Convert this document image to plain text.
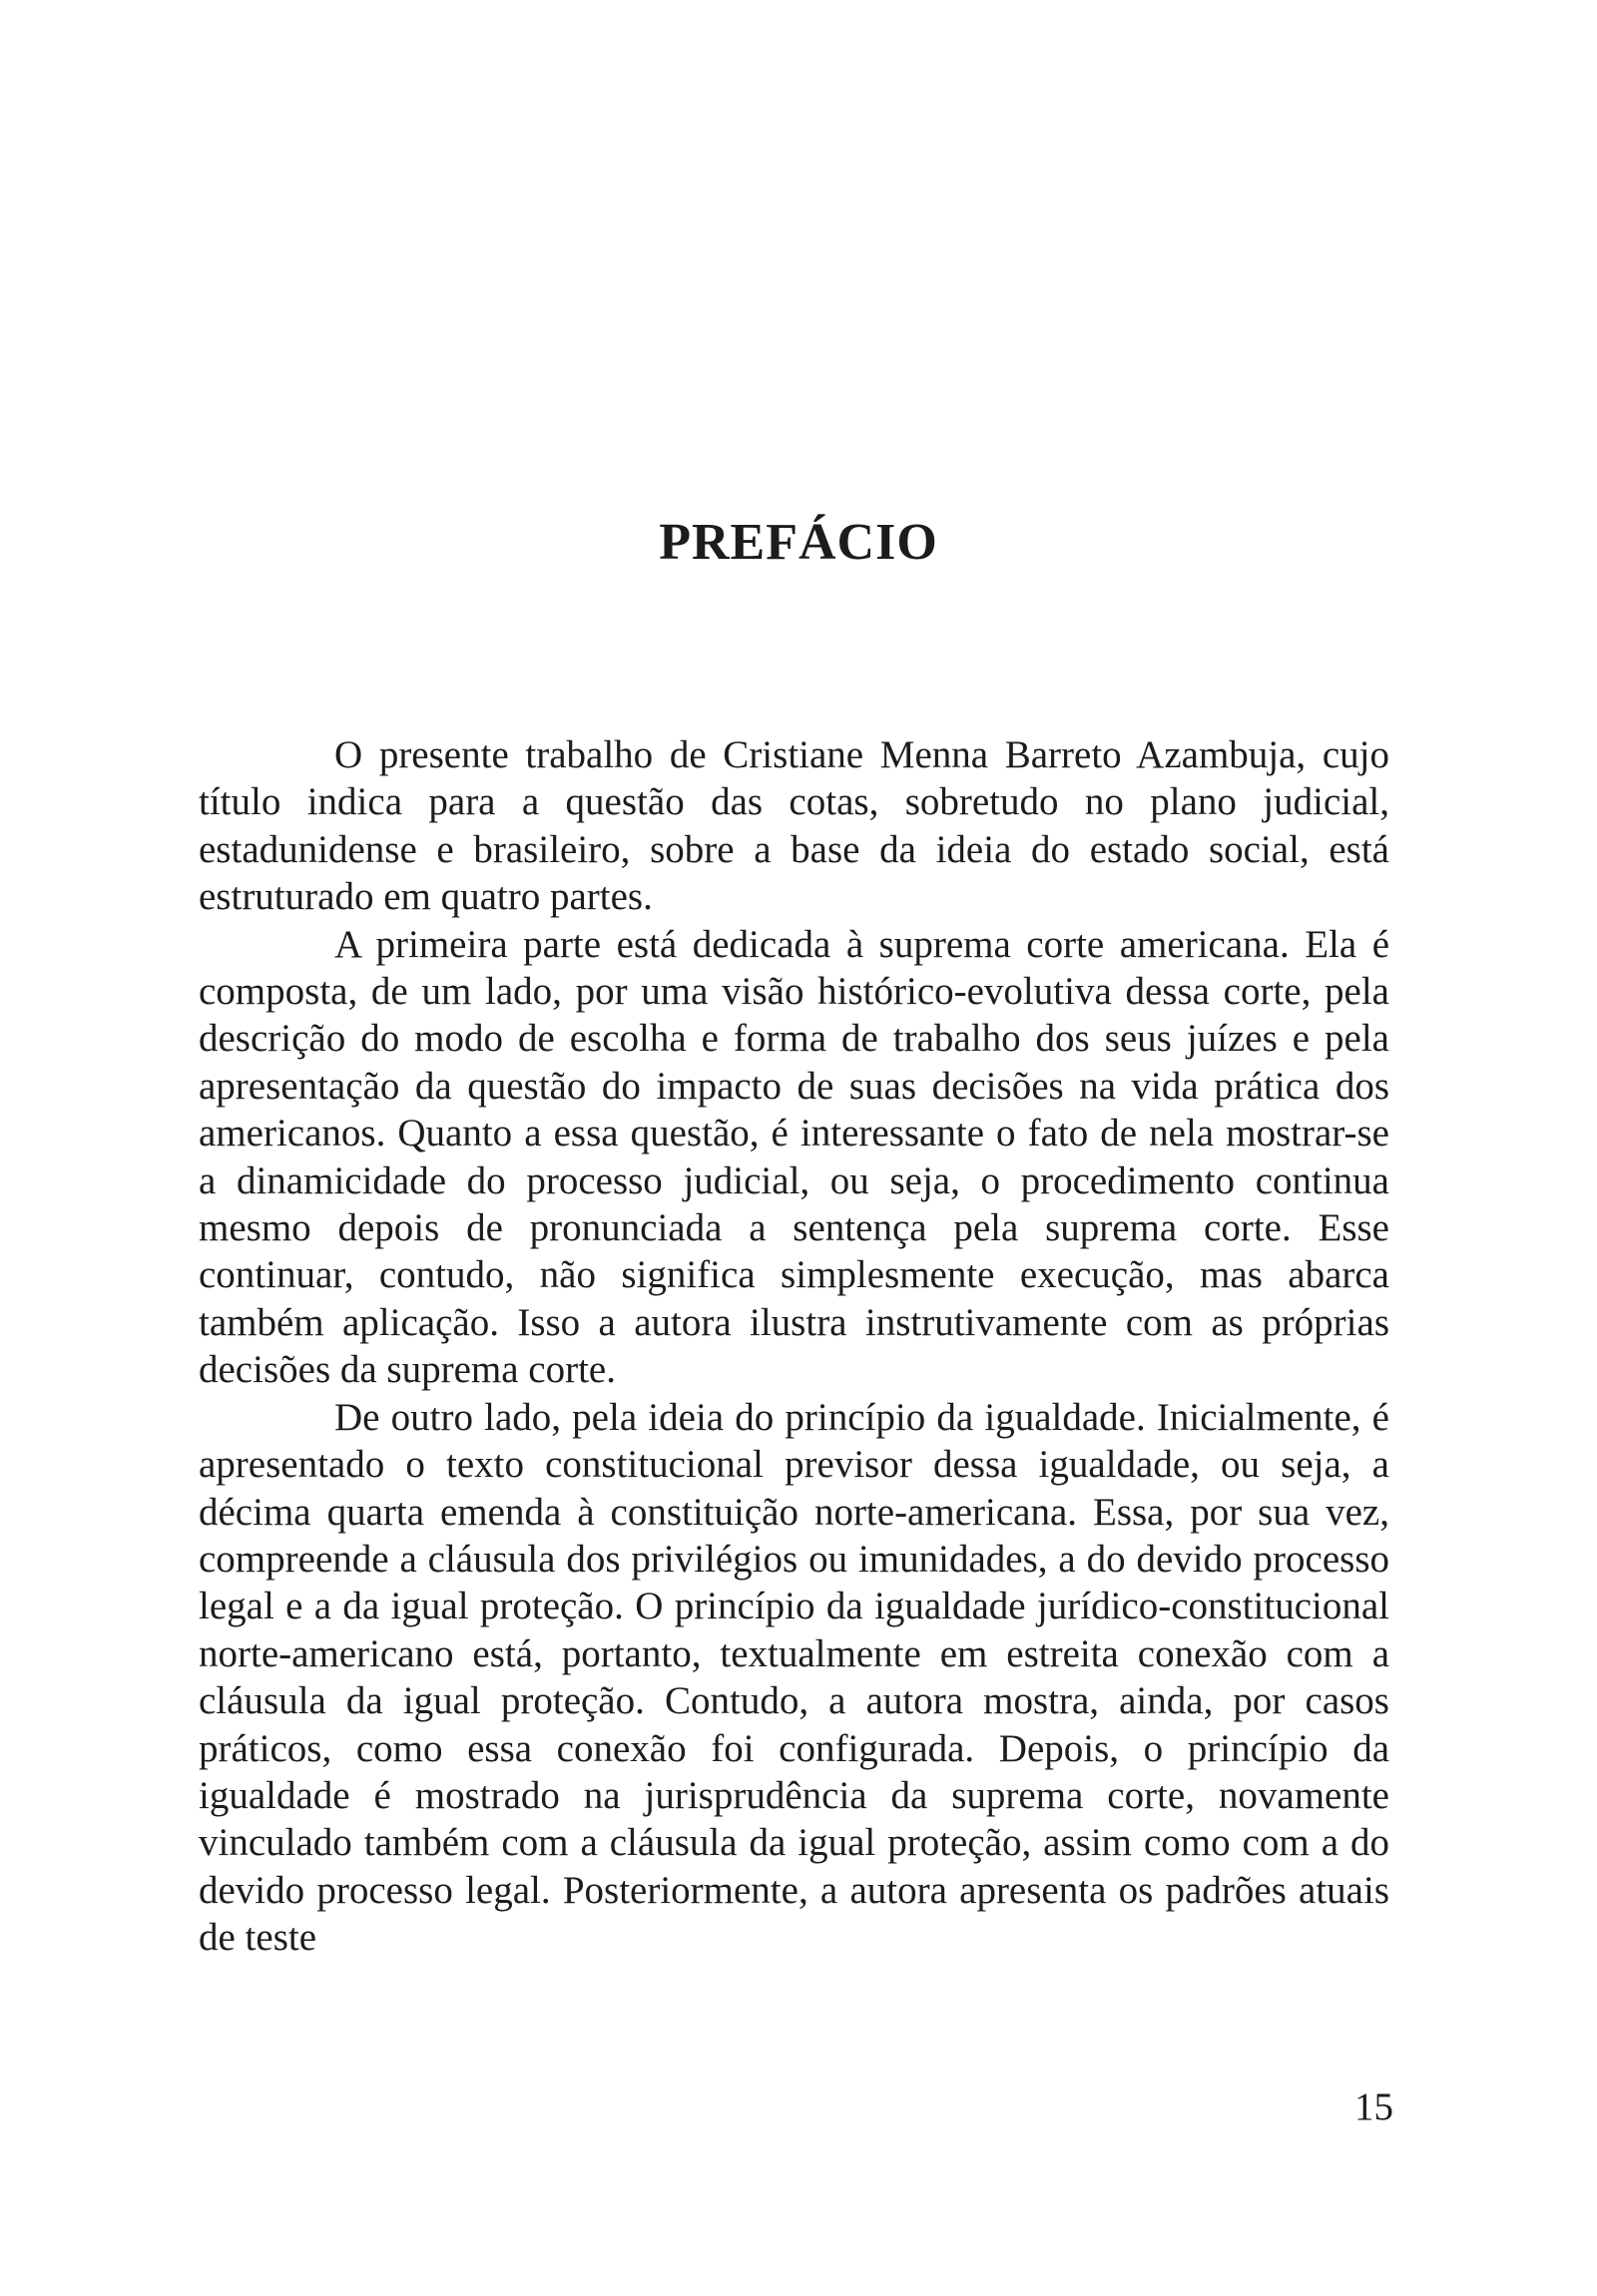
PREFÁCIO

O presente trabalho de Cristiane Menna Barreto Azambuja, cujo título indica para a questão das cotas, sobretudo no plano judicial, estadunidense e brasileiro, sobre a base da ideia do estado social, está estruturado em quatro partes.

A primeira parte está dedicada à suprema corte americana. Ela é composta, de um lado, por uma visão histórico-evolutiva dessa corte, pela descrição do modo de escolha e forma de trabalho dos seus juízes e pela apresentação da questão do impacto de suas decisões na vida prática dos americanos. Quanto a essa questão, é interessante o fato de nela mostrar-se a dinamicidade do processo judicial, ou seja, o procedimento continua mesmo depois de pronunciada a sentença pela suprema corte. Esse continuar, contudo, não significa simplesmente execução, mas abarca também aplicação. Isso a autora ilustra instrutivamente com as próprias decisões da suprema corte.

De outro lado, pela ideia do princípio da igualdade. Inicialmente, é apresentado o texto constitucional previsor dessa igualdade, ou seja, a décima quarta emenda à constituição norte-americana. Essa, por sua vez, compreende a cláusula dos privilégios ou imunidades, a do devido processo legal e a da igual proteção. O princípio da igualdade jurídico-constitucional norte-americano está, portanto, textualmente em estreita conexão com a cláusula da igual proteção. Contudo, a autora mostra, ainda, por casos práticos, como essa conexão foi configurada. Depois, o princípio da igualdade é mostrado na jurisprudência da suprema corte, novamente vinculado também com a cláusula da igual proteção, assim como com a do devido processo legal. Posteriormente, a autora apresenta os padrões atuais de teste

15
